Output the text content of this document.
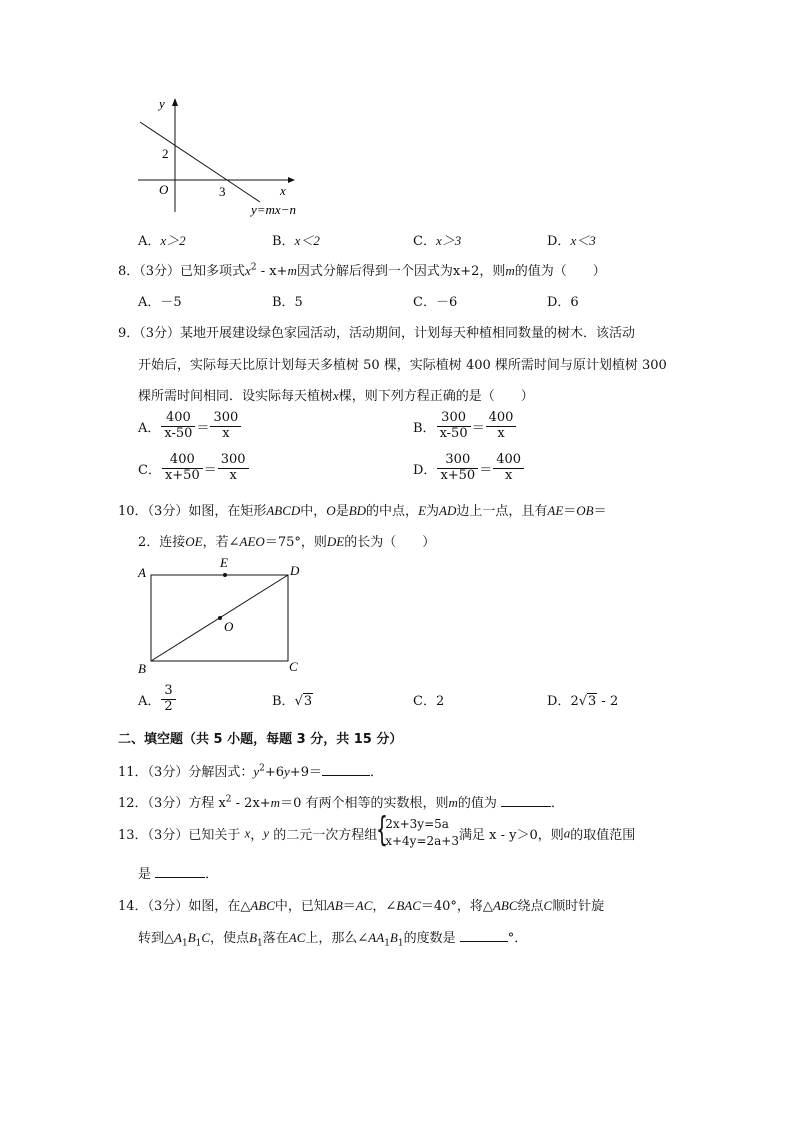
y
x
O
2
3
y=mx−n
A．x＞2	B．x＜2	C．x＞3	D．x＜3
8．（3分）已知多项式$x^2 - x+m$因式分解后得到一个因式为x+2，则m的值为（　　）
A．－5	B．5	C．－6	D．6
9．（3分）某地开展建设绿色家园活动，活动期间，计划每天种植相同数量的树木．该活动
开始后，实际每天比原计划每天多植树 50 棵，实际植树 400 棵所需时间与原计划植树 300
棵所需时间相同．设实际每天植树x棵，则下列方程正确的是（　　）
A． $\frac{400}{x-50} = \frac{300}{x}$	B． $\frac{300}{x-50} = \frac{400}{x}$
C． $\frac{400}{x+50} = \frac{300}{x}$	D． $\frac{300}{x+50} = \frac{400}{x}$
10．（3分）如图，在矩形ABCD中，O是BD的中点，E为AD边上一点，且有AE＝OB＝
2．连接OE，若∠AEO＝75°，则DE的长为（　　）
A
E
D
O
B	C
A． $\frac{3}{2}$	B．√3	C．2	D．2√3 - 2
二、填空题（共 5 小题，每题 3 分，共 15 分）
11．（3分）分解因式：$y^2+6y+9=$	．
12．（3分）方程 $x^2 - 2x+m=0$ 有两个相等的实数根，则m的值为	．
13．（3分）已知关于 x，y 的二元一次方程组 {
2x+3y=5a
x+4y=2a+3 满足 x - y＞0，则a的取值范围
是	．
14．（3分）如图，在△ABC中，已知AB＝AC，∠BAC＝40°，将△ABC绕点C顺时针旋
转到$\triangle A_1B_1C$，使点$B_1$落在AC上，那么$\angle AA_1B_1$的度数是	°．
